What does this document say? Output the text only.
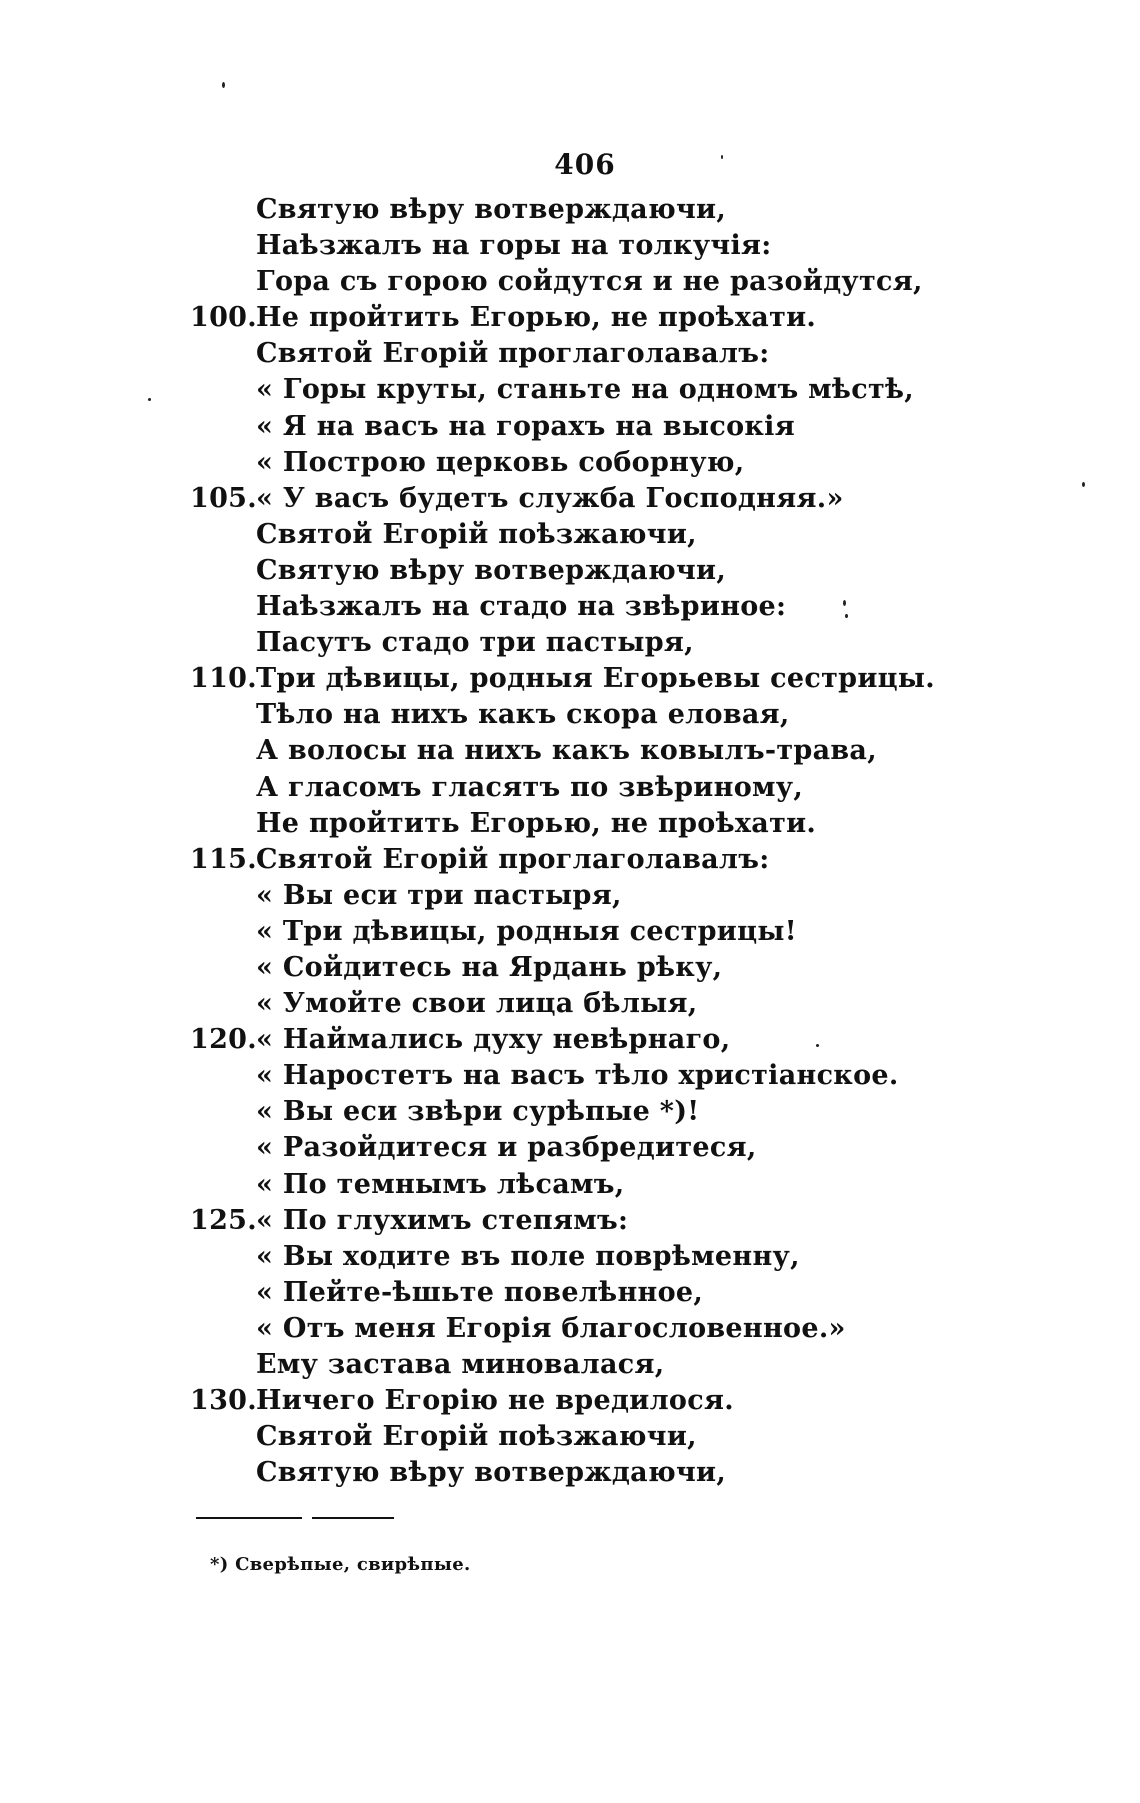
406
Святую вѣру вотверждаючи,
Наѣзжалъ на горы на толкучія:
Гора съ горою сойдутся и не разойдутся,
100. Не пройтить Егорью, не проѣхати.
Святой Егорій проглаголавалъ:
« Горы круты, станьте на одномъ мѣстѣ,
« Я на васъ на горахъ на высокія
« Построю церковь соборную,
105. « У васъ будетъ служба Господняя.»
Святой Егорій поѣзжаючи,
Святую вѣру вотверждаючи,
Наѣзжалъ на стадо на звѣриное:
Пасутъ стадо три пастыря,
110. Три дѣвицы, родныя Егорьевы сестрицы.
Тѣло на нихъ какъ скора еловая,
А волосы на нихъ какъ ковылъ-трава,
А гласомъ гласятъ по звѣриному,
Не пройтить Егорью, не проѣхати.
115. Святой Егорій проглаголавалъ:
« Вы еси три пастыря,
« Три дѣвицы, родныя сестрицы!
« Сойдитесь на Ярдань рѣку,
« Умойте свои лица бѣлыя,
120. « Наймались духу невѣрнаго,
« Наростетъ на васъ тѣло христіанское.
« Вы еси звѣри сурѣпые *)!
« Разойдитеся и разбредитеся,
« По темнымъ лѣсамъ,
125. « По глухимъ степямъ:
« Вы ходите въ поле поврѣменну,
« Пейте-ѣшьте повелѣнное,
« Отъ меня Егорія благословенное.»
Ему застава миновалася,
130. Ничего Егорію не вредилося.
Святой Егорій поѣзжаючи,
Святую вѣру вотверждаючи,
*) Сверѣпые, свирѣпые.
